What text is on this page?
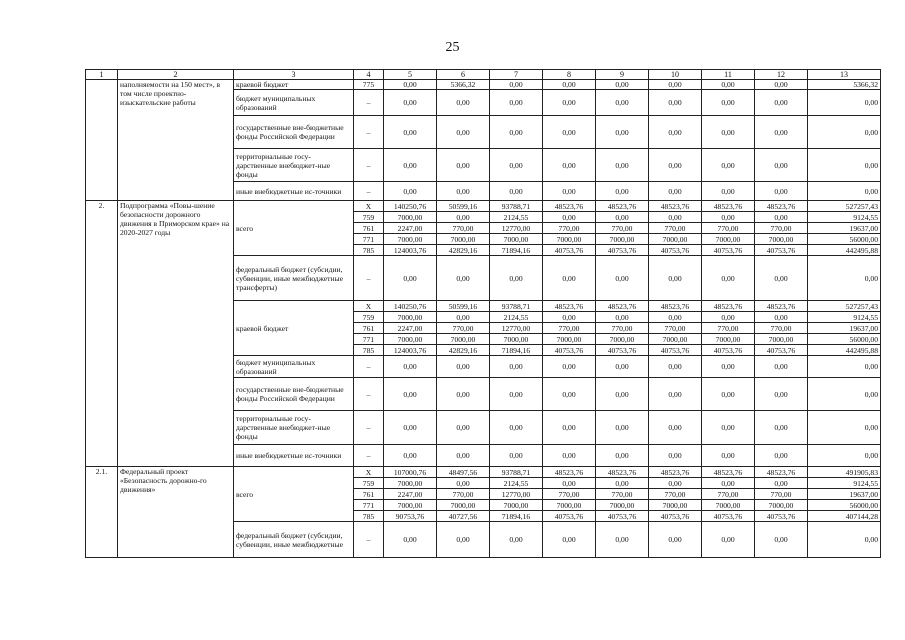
25
1	2	3	4	5	6	7	8	9	10	11	12	13
	наполняемости на 150 мест», в том числе проектно-изыскательские работы	краевой бюджет	775	0,00	5366,32	0,00	0,00	0,00	0,00	0,00	0,00	5366,32
		бюджет муниципальных образований	–	0,00	0,00	0,00	0,00	0,00	0,00	0,00	0,00	0,00
		государственные вне-бюджетные фонды Российской Федерации	–	0,00	0,00	0,00	0,00	0,00	0,00	0,00	0,00	0,00
		территориальные госу-дарственные внебюджет-ные фонды	–	0,00	0,00	0,00	0,00	0,00	0,00	0,00	0,00	0,00
		иные внебюджетные ис-точники	–	0,00	0,00	0,00	0,00	0,00	0,00	0,00	0,00	0,00
2.	Подпрограмма «Повы-шение безопасности дорожного движения в Приморском крае» на 2020-2027 годы	всего	X	140250,76	50599,16	93788,71	48523,76	48523,76	48523,76	48523,76	48523,76	527257,43
			759	7000,00	0,00	2124,55	0,00	0,00	0,00	0,00	0,00	9124,55
			761	2247,00	770,00	12770,00	770,00	770,00	770,00	770,00	770,00	19637,00
			771	7000,00	7000,00	7000,00	7000,00	7000,00	7000,00	7000,00	7000,00	56000,00
			785	124003,76	42829,16	71894,16	40753,76	40753,76	40753,76	40753,76	40753,76	442495,88
		федеральный бюджет (субсидии, субвенции, иные межбюджетные трансферты)	–	0,00	0,00	0,00	0,00	0,00	0,00	0,00	0,00	0,00
		краевой бюджет	X	140250,76	50599,16	93788,71	48523,76	48523,76	48523,76	48523,76	48523,76	527257,43
			759	7000,00	0,00	2124,55	0,00	0,00	0,00	0,00	0,00	9124,55
			761	2247,00	770,00	12770,00	770,00	770,00	770,00	770,00	770,00	19637,00
			771	7000,00	7000,00	7000,00	7000,00	7000,00	7000,00	7000,00	7000,00	56000,00
			785	124003,76	42829,16	71894,16	40753,76	40753,76	40753,76	40753,76	40753,76	442495,88
		бюджет муниципальных образований	–	0,00	0,00	0,00	0,00	0,00	0,00	0,00	0,00	0,00
		государственные вне-бюджетные фонды Российской Федерации	–	0,00	0,00	0,00	0,00	0,00	0,00	0,00	0,00	0,00
		территориальные госу-дарственные внебюджет-ные фонды	–	0,00	0,00	0,00	0,00	0,00	0,00	0,00	0,00	0,00
		иные внебюджетные ис-точники	–	0,00	0,00	0,00	0,00	0,00	0,00	0,00	0,00	0,00
2.1.	Федеральный проект «Безопасность дорожно-го движения»	всего	X	107000,76	48497,56	93788,71	48523,76	48523,76	48523,76	48523,76	48523,76	491905,83
			759	7000,00	0,00	2124,55	0,00	0,00	0,00	0,00	0,00	9124,55
			761	2247,00	770,00	12770,00	770,00	770,00	770,00	770,00	770,00	19637,00
			771	7000,00	7000,00	7000,00	7000,00	7000,00	7000,00	7000,00	7000,00	56000,00
			785	90753,76	40727,56	71894,16	40753,76	40753,76	40753,76	40753,76	40753,76	407144,28
		федеральный бюджет (субсидии, субвенции, иные межбюджетные	–	0,00	0,00	0,00	0,00	0,00	0,00	0,00	0,00	0,00
